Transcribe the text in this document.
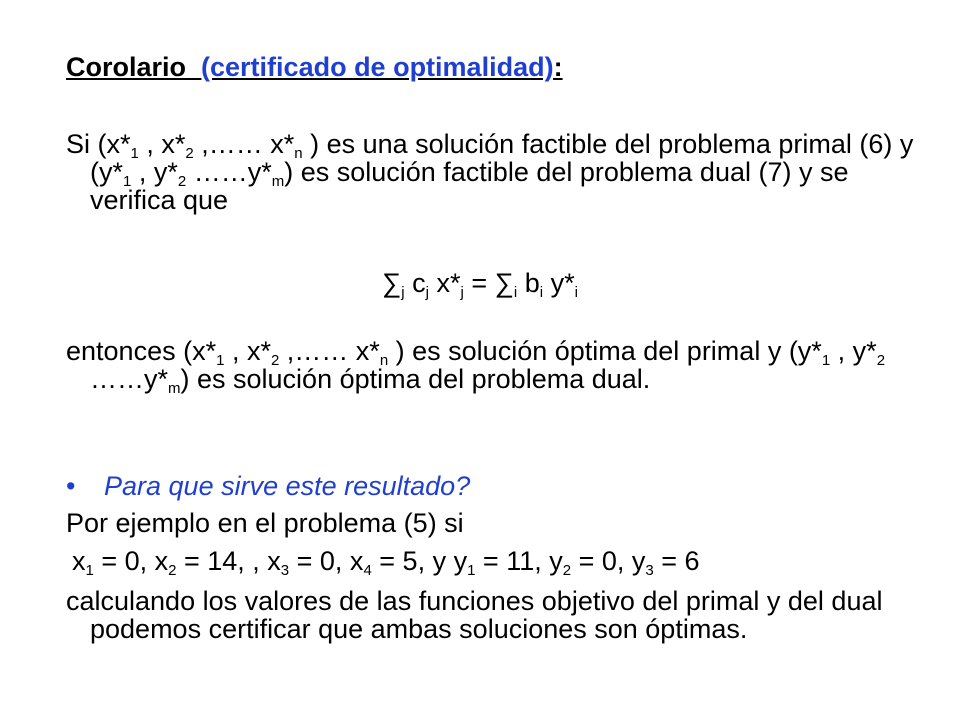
Corolario (certificado de optimalidad):
Si ($x*_1$ , $x*_2$ ,…… $x*_n$ ) es una solución factible del problema primal (6) y ($y*_1$ , $y*_2$ $\dots\dots y*_m$) es solución factible del problema dual (7) y se verifica que
$\sum_j$ $c_j$ $x*_j = \sum_i$ $b_i$ $y*_i$
entonces ($x*_1$ , $x*_2$ ,…… $x*_n$ ) es solución óptima del primal y ($y*_1$ , $y*_2$ $\dots\dots y*_m$) es solución óptima del problema dual.
• Para que sirve este resultado?
Por ejemplo en el problema (5) si
$x_1 = 0$, $x_2 = 14$, , $x_3 = 0$, $x_4 = 5$, y $y_1 = 11$, $y_2 = 0$, $y_3 = 6$
calculando los valores de las funciones objetivo del primal y del dual podemos certificar que ambas soluciones son óptimas.
